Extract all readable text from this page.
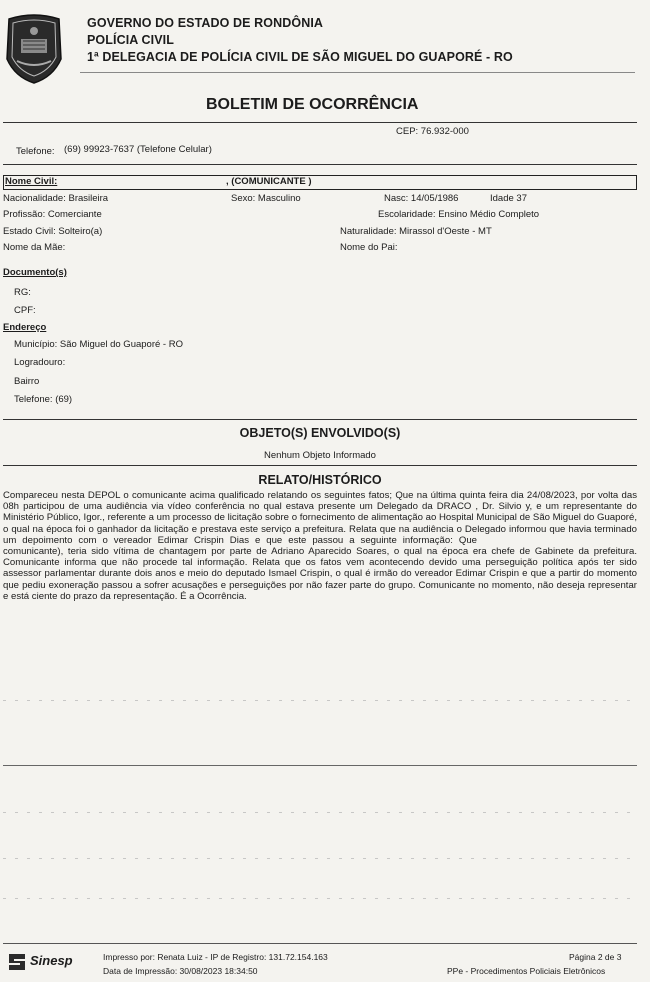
GOVERNO DO ESTADO DE RONDÔNIA
POLÍCIA CIVIL
1ª DELEGACIA DE POLÍCIA CIVIL DE SÃO MIGUEL DO GUAPORÉ - RO
BOLETIM DE OCORRÊNCIA
CEP: 76.932-000
Telefone: (69) 99923-7637 (Telefone Celular)
Nome Civil:	, (COMUNICANTE )
Nacionalidade: Brasileira	Sexo: Masculino	Nasc: 14/05/1986	Idade 37
Profissão: Comerciante	Escolaridade: Ensino Médio Completo
Estado Civil: Solteiro(a)	Naturalidade: Mirassol d'Oeste - MT
Nome da Mãe:	Nome do Pai:
Documento(s)
RG:
CPF:
Endereço
Município: São Miguel do Guaporé - RO
Logradouro:
Bairro
Telefone: (69)
OBJETO(S) ENVOLVIDO(S)
Nenhum Objeto Informado
RELATO/HISTÓRICO
Compareceu nesta DEPOL o comunicante acima qualificado relatando os seguintes fatos; Que na última quinta feira dia 24/08/2023, por volta das 08h participou de uma audiência via vídeo conferência no qual estava presente um Delegado da DRACO , Dr. Silvio y, e um representante do Ministério Público, Igor., referente a um processo de licitação sobre o fornecimento de alimentação ao Hospital Municipal de São Miguel do Guaporé, o qual na época foi o ganhador da licitação e prestava este serviço a prefeitura. Relata que na audiência o Delegado informou que havia terminado um depoimento com o vereador Edimar Crispin Dias e que este passou a seguinte informação: Quecomunicante), teria sido vítima de chantagem por parte de Adriano Aparecido Soares, o qual na época era chefe de Gabinete da prefeitura. Comunicante informa que não procede tal informação. Relata que os fatos vem acontecendo devido uma perseguição política após ter sido assessor parlamentar durante dois anos e meio do deputado Ismael Crispin, o qual é irmão do vereador Edimar Crispin e que a partir do momento que pediu exoneração passou a sofrer acusações e perseguições por não fazer parte do grupo. Comunicante no momento, não deseja representar e está ciente do prazo da representação. É a Ocorrência.
Sinesp	Impresso por: Renata Luiz - IP de Registro: 131.72.154.163
Data de Impressão: 30/08/2023 18:34:50
Página 2 de 3
PPe - Procedimentos Policiais Eletrônicos
